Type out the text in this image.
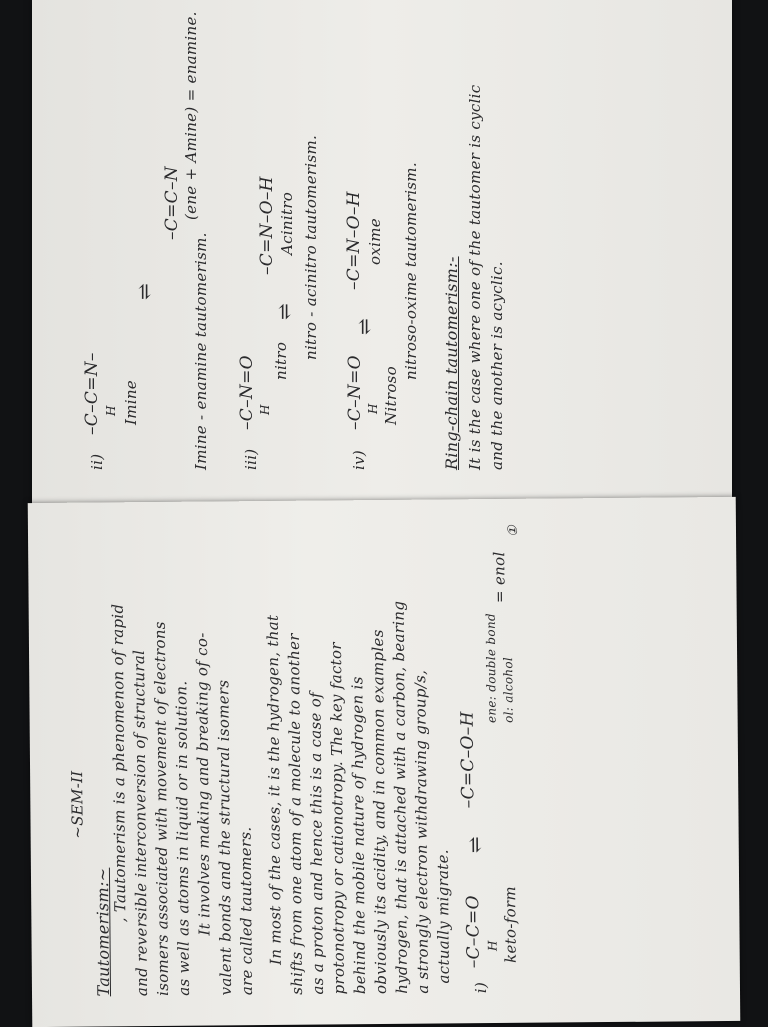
ii)
–C–C=N– H Imine
⇌
–C=C–N (ene + Amine) = enamine.
Imine - enamine tautomerism. iii)
–C–N=O H
nitro
⇌
–C=N–O–H Acinitro nitro - acinitro tautomerism.
iv)
–C–N=O H Nitroso
⇌
–C=N–O–H oxime nitroso-oxime tautomerism. Ring-chain tautomerism:- It is the case where one of the tautomer is cyclic and the another is acyclic.
①
~SEM-II
Tautomerism:~
, Tautomerism is a phenomenon of rapid and reversible interconversion of structural isomers associated with movement of electrons as well as atoms in liquid or in solution. It involves making and breaking of co- valent bonds and the structural isomers are called tautomers. In most of the cases, it is the hydrogen, that shifts from one atom of a molecule to another as a proton and hence this is a case of protonotropy or cationotropy. The key factor behind the mobile nature of hydrogen is obviously its acidity, and in common examples hydrogen, that is attached with a carbon, bearing a strongly electron withdrawing group/s, actually migrate.
i)
–C–C=O H keto-form
⇌
–C=C–O–H
ene: double bond ol: alcohol
= enol
